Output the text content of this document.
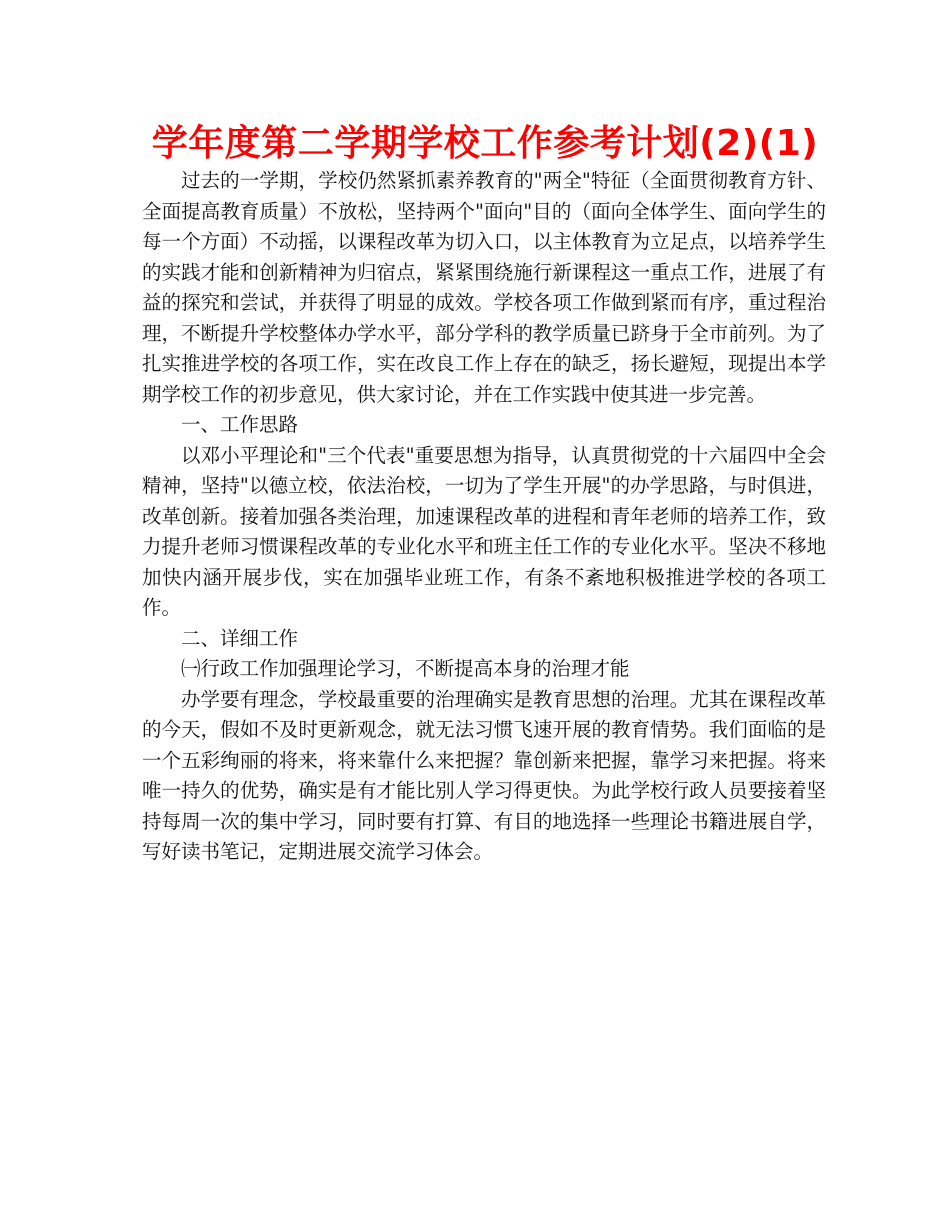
学年度第二学期学校工作参考计划(2)(1)

过去的一学期，学校仍然紧抓素养教育的"两全"特征（全面贯彻教育方针、全面提高教育质量）不放松，坚持两个"面向"目的（面向全体学生、面向学生的每一个方面）不动摇，以课程改革为切入口，以主体教育为立足点，以培养学生的实践才能和创新精神为归宿点，紧紧围绕施行新课程这一重点工作，进展了有益的探究和尝试，并获得了明显的成效。学校各项工作做到紧而有序，重过程治理，不断提升学校整体办学水平，部分学科的教学质量已跻身于全市前列。为了扎实推进学校的各项工作，实在改良工作上存在的缺乏，扬长避短，现提出本学期学校工作的初步意见，供大家讨论，并在工作实践中使其进一步完善。

一、工作思路

以邓小平理论和"三个代表"重要思想为指导，认真贯彻党的十六届四中全会精神，坚持"以德立校，依法治校，一切为了学生开展"的办学思路，与时俱进，改革创新。接着加强各类治理，加速课程改革的进程和青年老师的培养工作，致力提升老师习惯课程改革的专业化水平和班主任工作的专业化水平。坚决不移地加快内涵开展步伐，实在加强毕业班工作，有条不紊地积极推进学校的各项工作。

二、详细工作

㈠行政工作加强理论学习，不断提高本身的治理才能

办学要有理念，学校最重要的治理确实是教育思想的治理。尤其在课程改革的今天，假如不及时更新观念，就无法习惯飞速开展的教育情势。我们面临的是一个五彩绚丽的将来，将来靠什么来把握？靠创新来把握，靠学习来把握。将来唯一持久的优势，确实是有才能比别人学习得更快。为此学校行政人员要接着坚持每周一次的集中学习，同时要有打算、有目的地选择一些理论书籍进展自学，写好读书笔记，定期进展交流学习体会。
